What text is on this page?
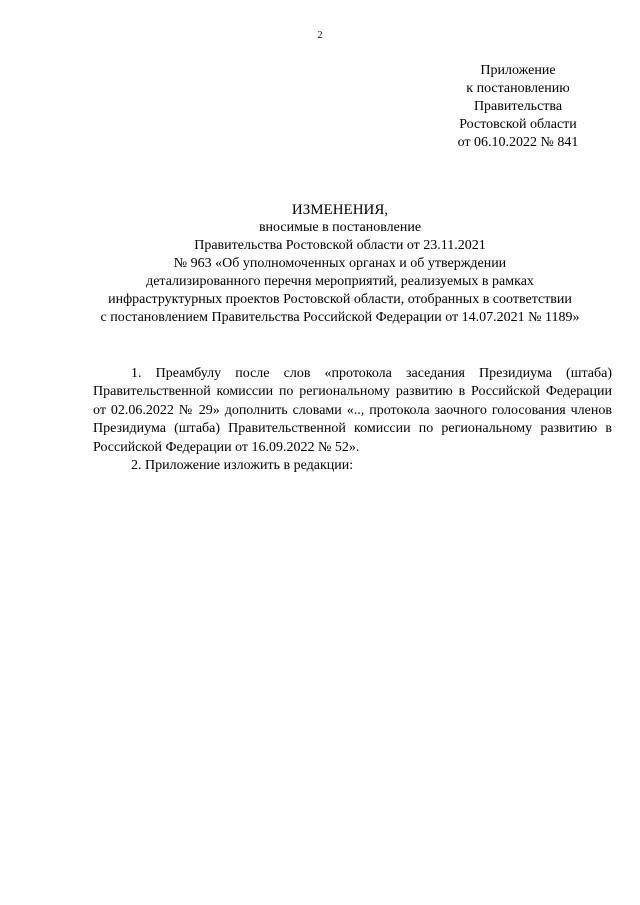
2
Приложение
к постановлению
Правительства
Ростовской области
от 06.10.2022 № 841
ИЗМЕНЕНИЯ,
вносимые в постановление
Правительства Ростовской области от 23.11.2021
№ 963 «Об уполномоченных органах и об утверждении
детализированного перечня мероприятий, реализуемых в рамках
инфраструктурных проектов Ростовской области, отобранных в соответствии
с постановлением Правительства Российской Федерации от 14.07.2021 № 1189»

1. Преамбулу после слов «протокола заседания Президиума (штаба) Правительственной комиссии по региональному развитию в Российской Федерации от 02.06.2022 № 29» дополнить словами «.., протокола заочного голосования членов Президиума (штаба) Правительственной комиссии по региональному развитию в Российской Федерации от 16.09.2022 № 52».

2. Приложение изложить в редакции:
